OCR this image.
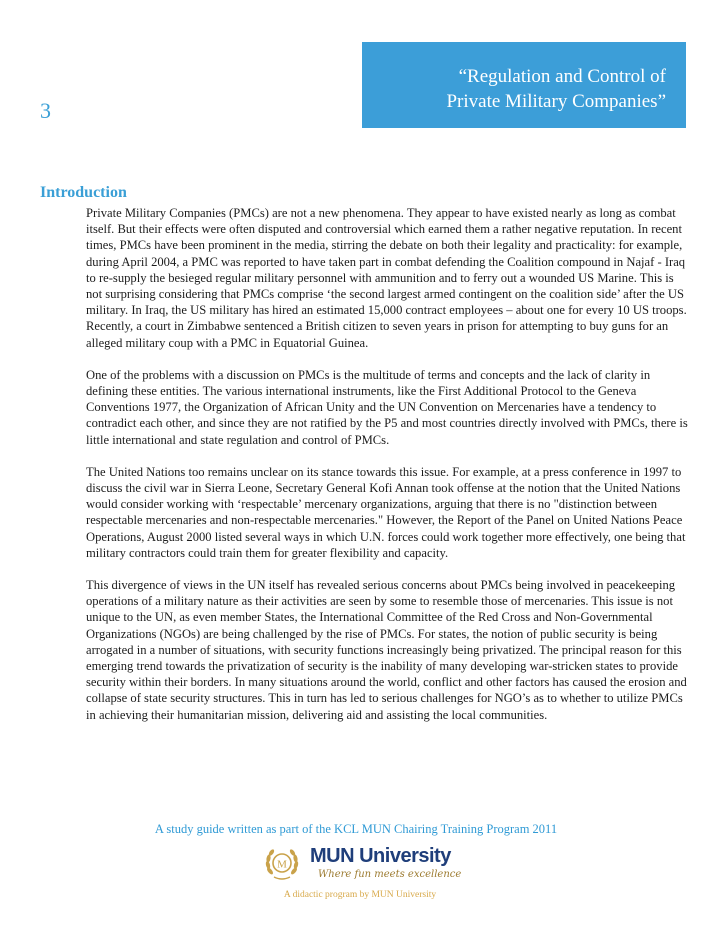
3
“Regulation and Control of
Private Military Companies”
Introduction

Private Military Companies (PMCs) are not a new phenomena. They appear to have existed nearly as long as combat itself. But their effects were often disputed and controversial which earned them a rather negative reputation. In recent times, PMCs have been prominent in the media, stirring the debate on both their legality and practicality: for example, during April 2004, a PMC was reported to have taken part in combat defending the Coalition compound in Najaf - Iraq to re-supply the besieged regular military personnel with ammunition and to ferry out a wounded US Marine. This is not surprising considering that PMCs comprise ‘the second largest armed contingent on the coalition side’ after the US military. In Iraq, the US military has hired an estimated 15,000 contract employees – about one for every 10 US troops. Recently, a court in Zimbabwe sentenced a British citizen to seven years in prison for attempting to buy guns for an alleged military coup with a PMC in Equatorial Guinea.

One of the problems with a discussion on PMCs is the multitude of terms and concepts and the lack of clarity in defining these entities. The various international instruments, like the First Additional Protocol to the Geneva Conventions 1977, the Organization of African Unity and the UN Convention on Mercenaries have a tendency to contradict each other, and since they are not ratified by the P5 and most countries directly involved with PMCs, there is little international and state regulation and control of PMCs.

The United Nations too remains unclear on its stance towards this issue. For example, at a press conference in 1997 to discuss the civil war in Sierra Leone, Secretary General Kofi Annan took offense at the notion that the United Nations would consider working with ‘respectable’ mercenary organizations, arguing that there is no "distinction between respectable mercenaries and non-respectable mercenaries." However, the Report of the Panel on United Nations Peace Operations, August 2000 listed several ways in which U.N. forces could work together more effectively, one being that military contractors could train them for greater flexibility and capacity.

This divergence of views in the UN itself has revealed serious concerns about PMCs being involved in peacekeeping operations of a military nature as their activities are seen by some to resemble those of mercenaries. This issue is not unique to the UN, as even member States, the International Committee of the Red Cross and Non-Governmental Organizations (NGOs) are being challenged by the rise of PMCs. For states, the notion of public security is being arrogated in a number of situations, with security functions increasingly being privatized. The principal reason for this emerging trend towards the privatization of security is the inability of many developing war-stricken states to provide security within their borders. In many situations around the world, conflict and other factors has caused the erosion and collapse of state security structures. This in turn has led to serious challenges for NGO’s as to whether to utilize PMCs in achieving their humanitarian mission, delivering aid and assisting the local communities.

A study guide written as part of the KCL MUN Chairing Training Program 2011
M MUN University
Where fun meets excellence
A didactic program by MUN University
